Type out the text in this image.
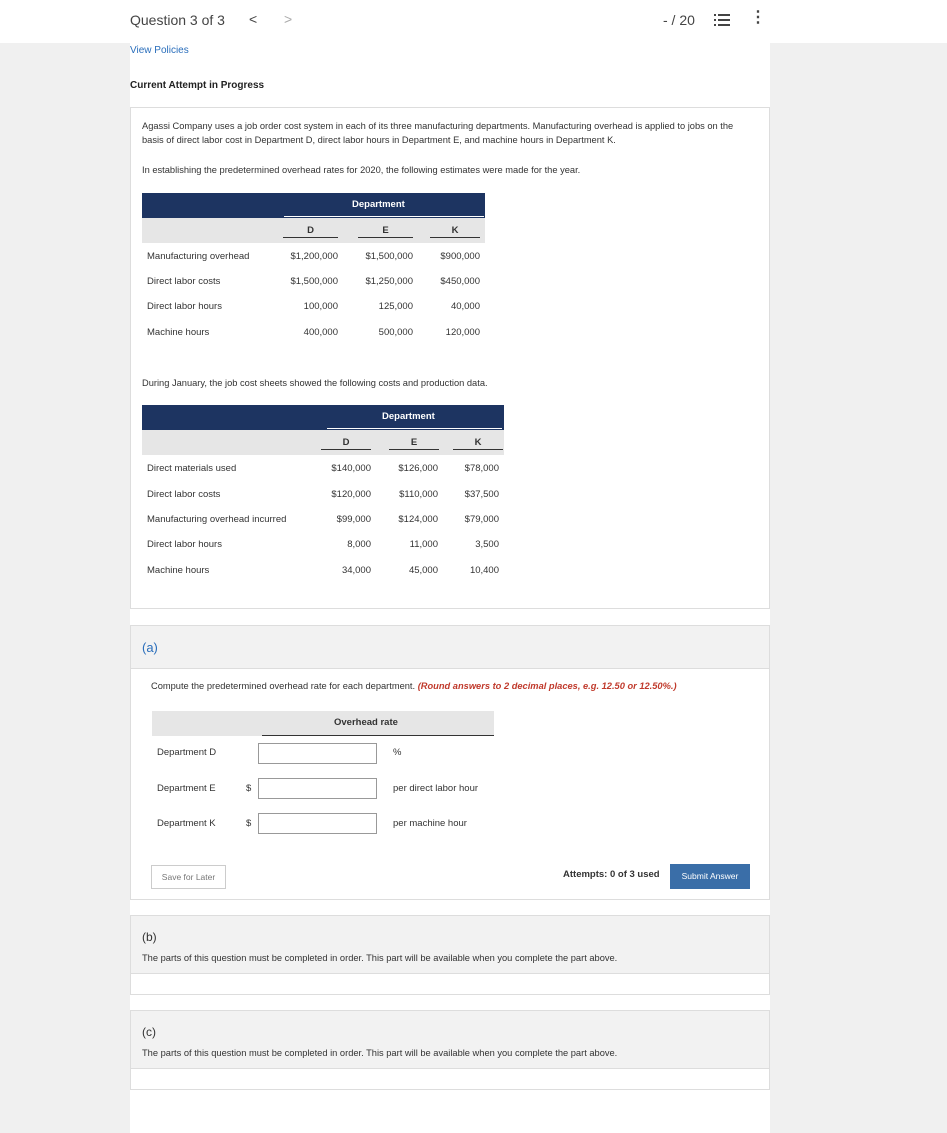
Question 3 of 3 < >	- / 20	⋮
View Policies
Current Attempt in Progress

Agassi Company uses a job order cost system in each of its three manufacturing departments. Manufacturing overhead is applied to jobs on the basis of direct labor cost in Department D, direct labor hours in Department E, and machine hours in Department K.

In establishing the predetermined overhead rates for 2020, the following estimates were made for the year.

Department
D	E	K
Manufacturing overhead	$1,200,000	$1,500,000	$900,000
Direct labor costs	$1,500,000	$1,250,000	$450,000
Direct labor hours	100,000	125,000	40,000
Machine hours	400,000	500,000	120,000

During January, the job cost sheets showed the following costs and production data.

Department
D	E	K
Direct materials used	$140,000	$126,000	$78,000
Direct labor costs	$120,000	$110,000	$37,500
Manufacturing overhead incurred	$99,000	$124,000	$79,000
Direct labor hours	8,000	11,000	3,500
Machine hours	34,000	45,000	10,400
(a)

Compute the predetermined overhead rate for each department. (Round answers to 2 decimal places, e.g. 12.50 or 12.50%.)

Overhead rate
Department D	%
Department E	$	per direct labor hour
Department K	$	per machine hour
Save for Later	Attempts: 0 of 3 used	Submit Answer
(b)
The parts of this question must be completed in order. This part will be available when you complete the part above.
(c)
The parts of this question must be completed in order. This part will be available when you complete the part above.
